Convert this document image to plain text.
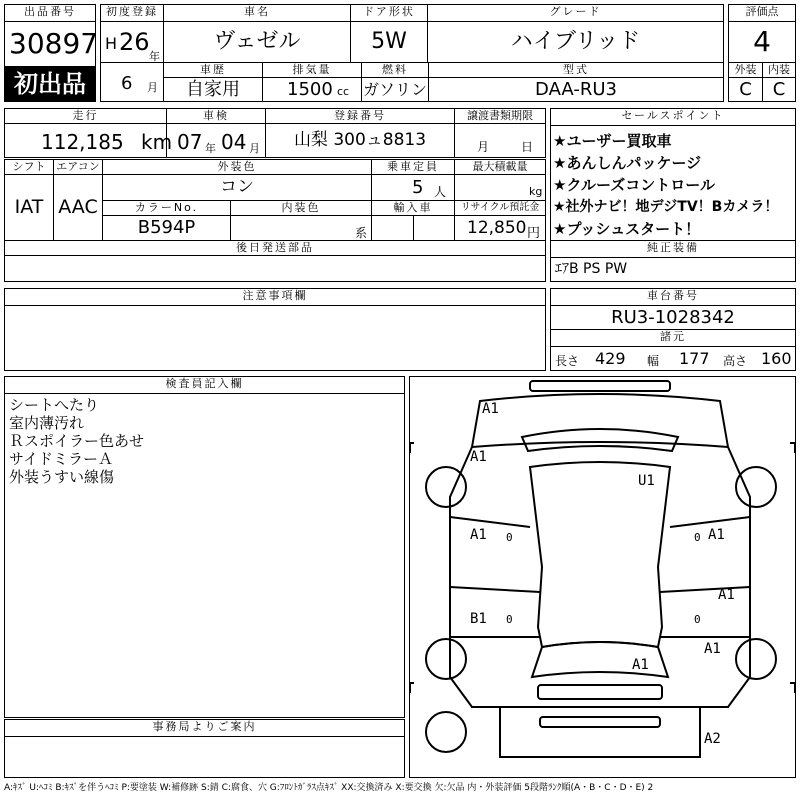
出品番号
30897
初出品
初度登録
H 26
年
6 月
車名
ヴェゼル
ドア形状
5W
グレード
ハイブリッド
車歴
自家用
排気量
1500 cc
燃料
ガソリン
型式
DAA-RU3
評価点
4
外装	内装
C	C
走行
112,185 km
車検
07 年 04 月
登録番号
山梨 300ュ8813
譲渡書類期限
月	日
シフト
IAT
エアコン
AAC
外装色
コン
乗車定員
5 人
最大積載量
kg
カラーNo.
B594P
内装色
系
輸入車	リサイクル預託金
12,850 円
後日発送部品
セールスポイント
★ユーザー買取車
★あんしんパッケージ
★クルーズコントロール
★社外ナビ！地デジTV！Bカメラ！
★プッシュスタート！
純正装備
ｴｱB PS PW
注意事項欄	車台番号
RU3-1028342
諸元
長さ 429 幅 177 高さ 160
検査員記入欄
シートへたり
室内薄汚れ
Ｒスポイラー色あせ
サイドミラーＡ
外装うすい線傷
事務局よりご案内
A1
A1
U1
A1	A1
A1
B1
A1
A1
A2
0
0
0
0
A:ｷｽﾞ U:ﾍｺﾐ B:ｷｽﾞを伴うﾍｺﾐ P:要塗装 W:補修跡 S:錆 C:腐食、穴 G:ﾌﾛﾝﾄｶﾞﾗｽ点ｷｽﾞ XX:交換済み X:要交換 欠:欠品 内・外装評価 5段階ﾗﾝｸ順(A・B・C・D・E) 2
